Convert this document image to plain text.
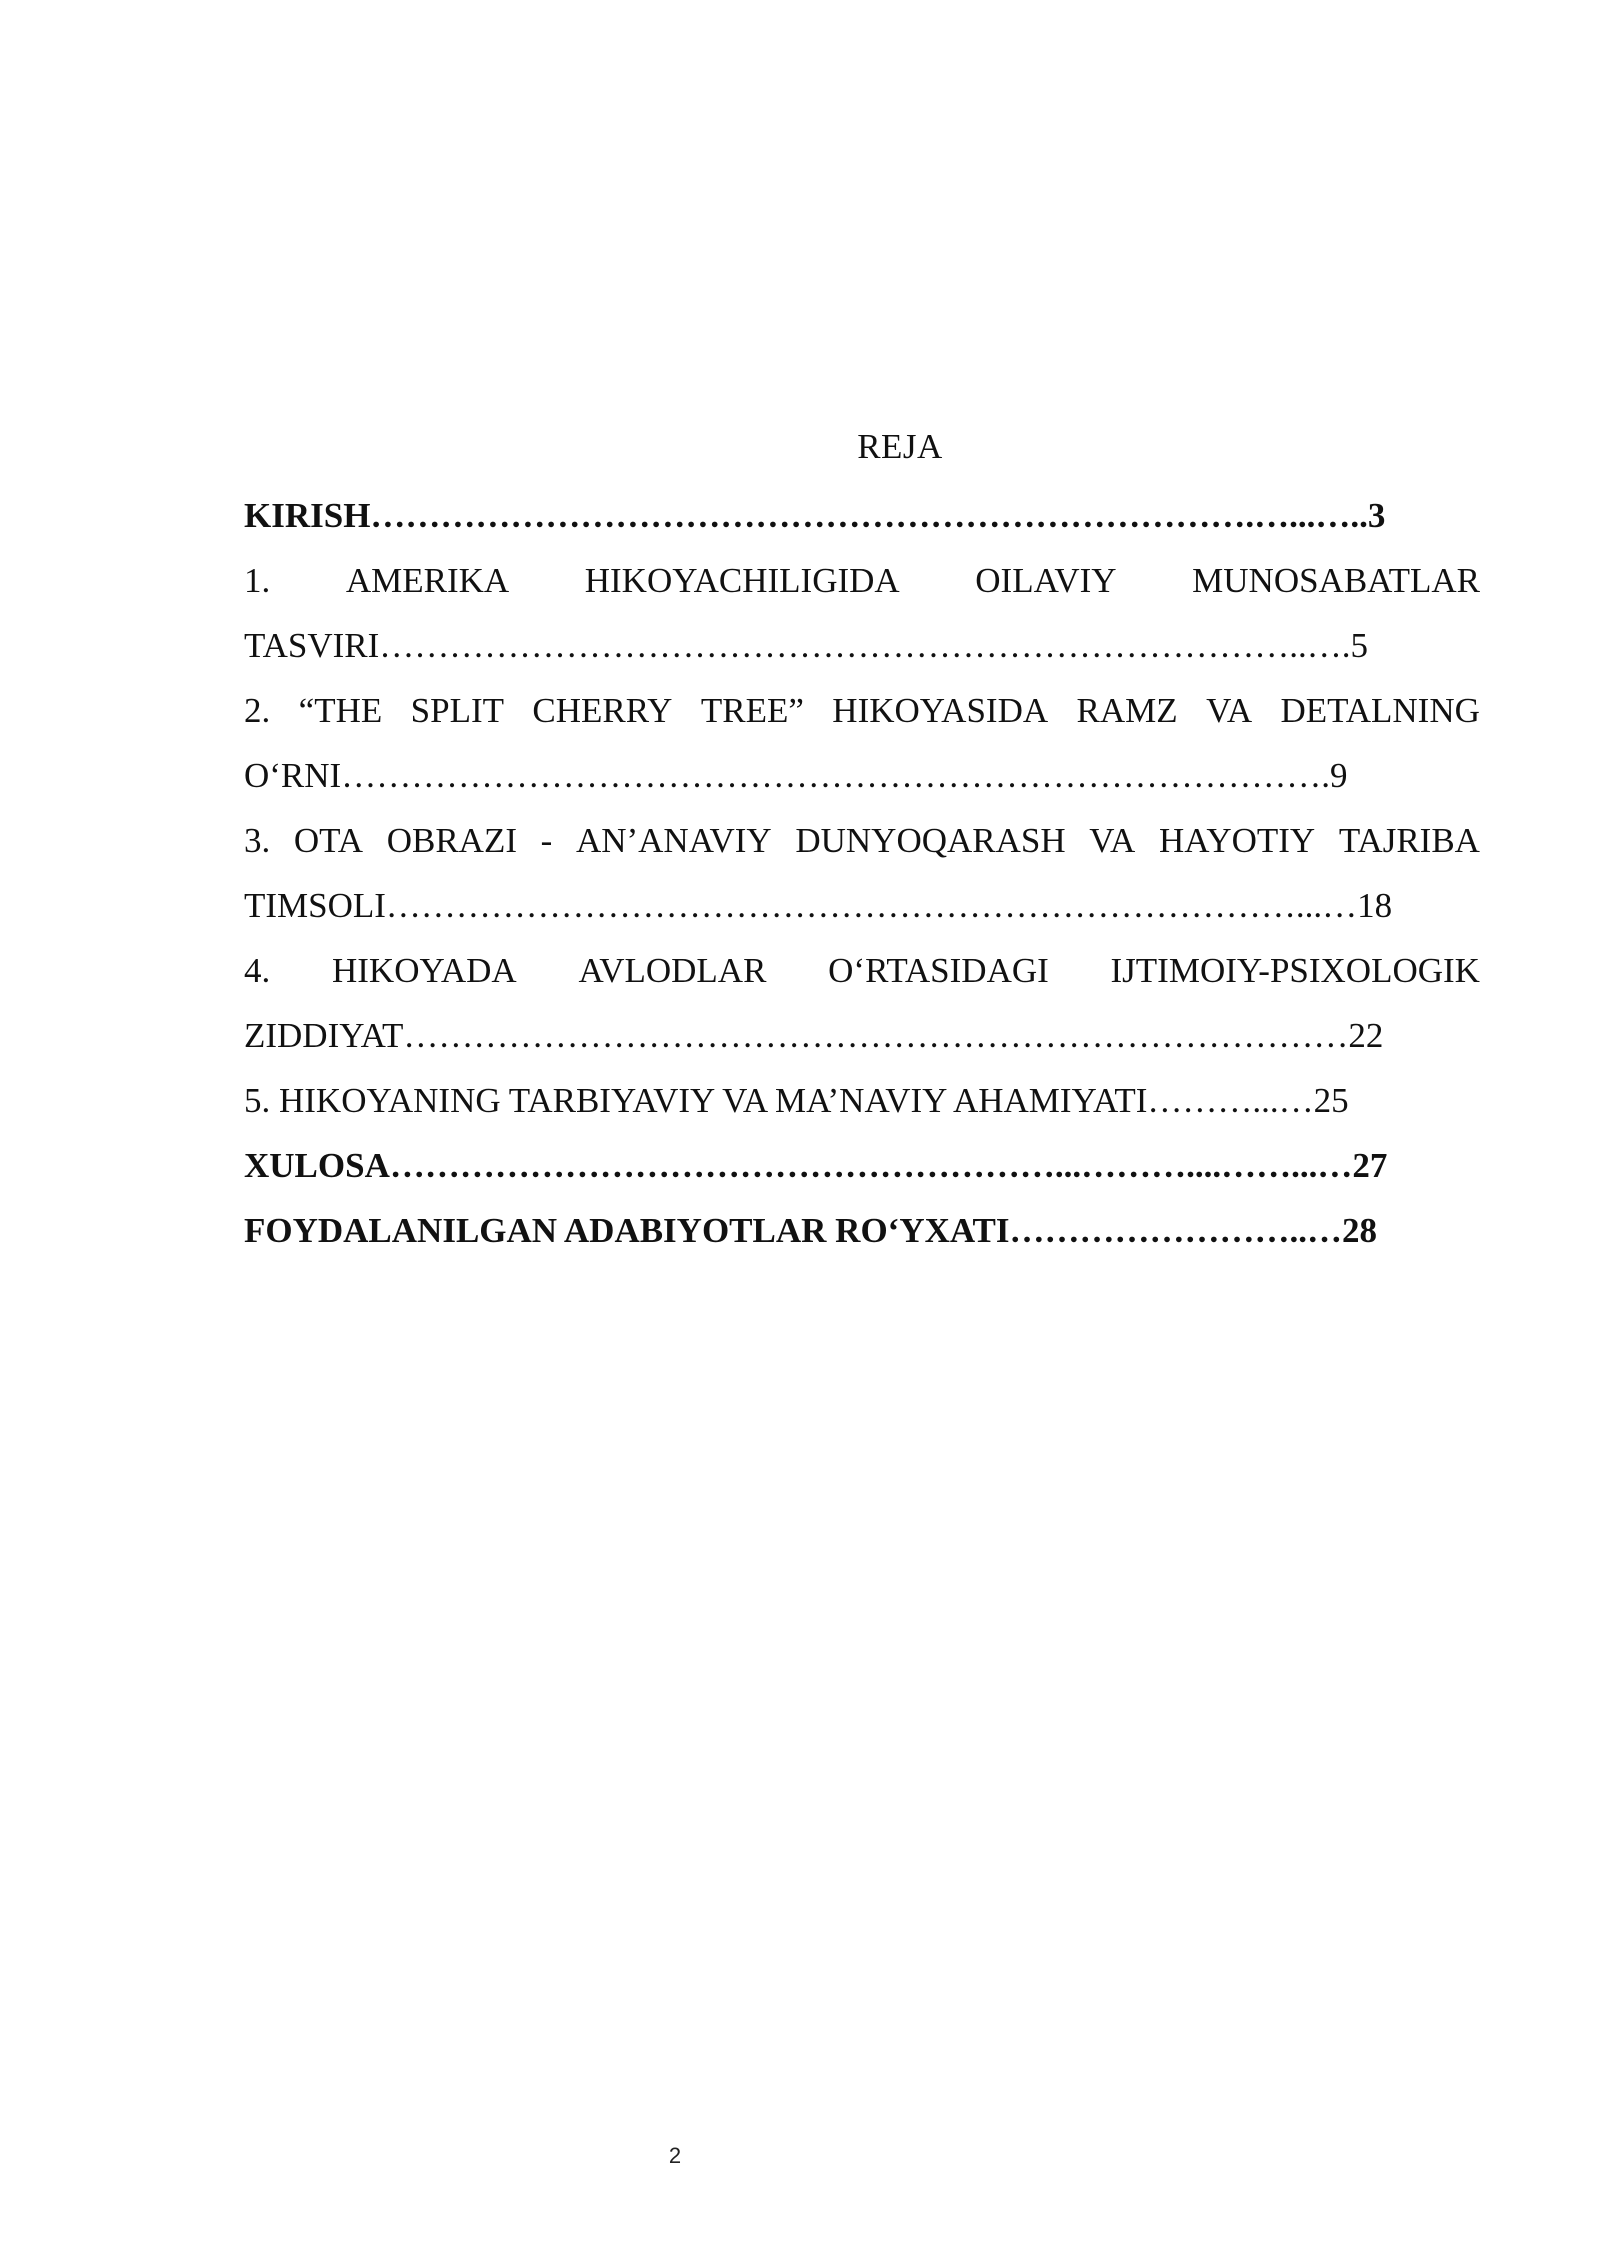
REJA
KIRISH………………………………………………………………….…...…..3
1. AMERIKA HIKOYACHILIGIDA OILAVIY MUNOSABATLAR
TASVIRI……………………………………………………………………..….5
2. “THE SPLIT CHERRY TREE” HIKOYASIDA RAMZ VA DETALNING
O‘RNI………………………………………………………………………….9
3. OTA OBRAZI - AN’ANAVIY DUNYOQARASH VA HAYOTIY TAJRIBA
TIMSOLI……………………………………………………………………...…18
4. HIKOYADA AVLODLAR O‘RTASIDAGI IJTIMOIY-PSIXOLOGIK
ZIDDIYAT………………………………………………………………………22
5. HIKOYANING TARBIYAVIY VA MA’NAVIY AHAMIYATI………...…25
XULOSA…………………………………………………...………....……...…27
FOYDALANILGAN ADABIYOTLAR RO‘YXATI……………………..…28
2
